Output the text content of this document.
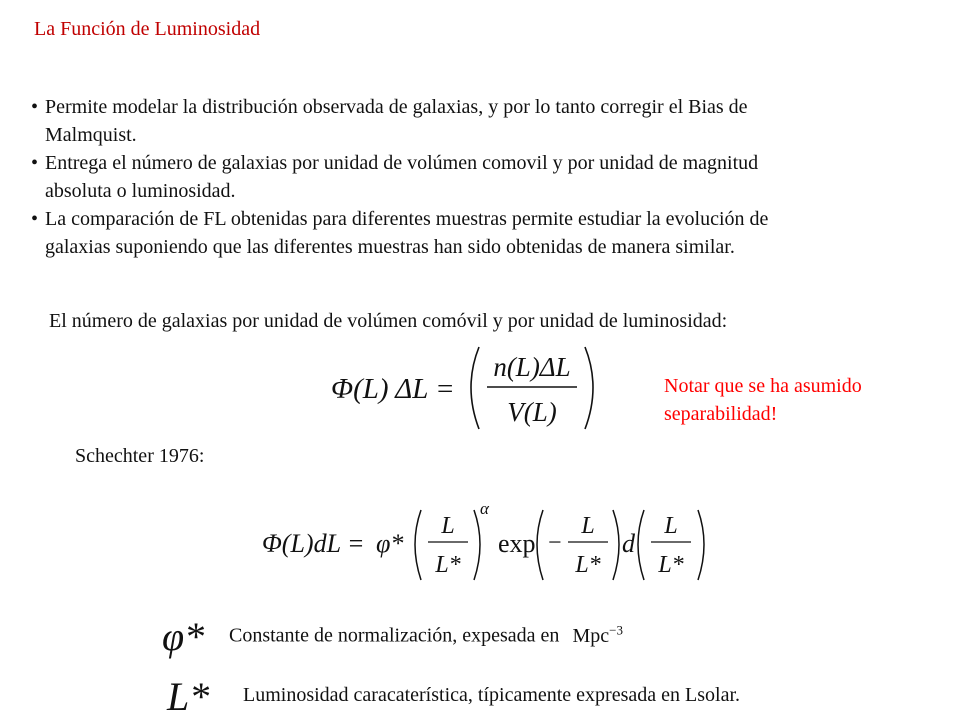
La Función de Luminosidad
• Permite modelar la distribución observada de galaxias, y por lo tanto corregir el Bias de
Malmquist.
• Entrega el número de galaxias por unidad de volúmen comovil y por unidad de magnitud
absoluta o luminosidad.
• La comparación de FL obtenidas para diferentes muestras permite estudiar la evolución de
galaxias suponiendo que las diferentes muestras han sido obtenidas de manera similar.
El número de galaxias por unidad de volúmen comóvil y por unidad de luminosidad:
Φ(L) ΔL =
n(L)ΔL
V(L)
Notar que se ha asumido
separabilidad!
Schechter 1976:
Φ(L)dL = φ*
L
L*
α
exp −
L
L*
d
L
L*
φ* Constante de normalización, expesada en Mpc$^{-3}$
L* Luminosidad caracaterística, típicamente expresada en Lsolar.
